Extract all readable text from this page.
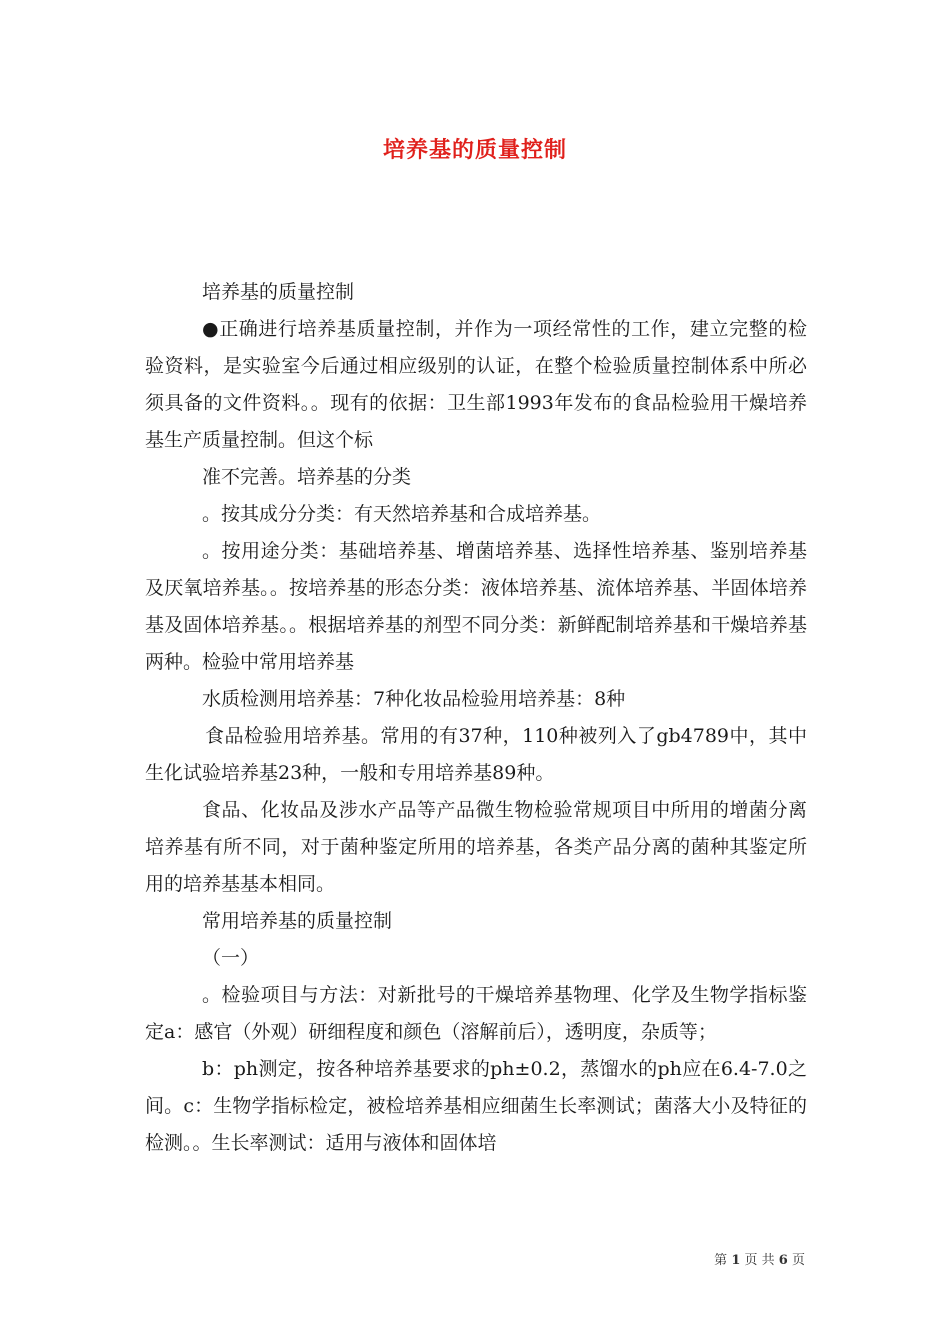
培养基的质量控制

培养基的质量控制

●正确进行培养基质量控制，并作为一项经常性的工作，建立完整的检验资料，是实验室今后通过相应级别的认证，在整个检验质量控制体系中所必须具备的文件资料。。现有的依据：卫生部1993年发布的食品检验用干燥培养基生产质量控制。但这个标

准不完善。培养基的分类

。按其成分分类：有天然培养基和合成培养基。

。按用途分类：基础培养基、增菌培养基、选择性培养基、鉴别培养基及厌氧培养基。。按培养基的形态分类：液体培养基、流体培养基、半固体培养基及固体培养基。。根据培养基的剂型不同分类：新鲜配制培养基和干燥培养基两种。检验中常用培养基

水质检测用培养基：7种化妆品检验用培养基：8种

食品检验用培养基。常用的有37种，110种被列入了gb4789中，其中生化试验培养基23种，一般和专用培养基89种。

食品、化妆品及涉水产品等产品微生物检验常规项目中所用的增菌分离培养基有所不同，对于菌种鉴定所用的培养基，各类产品分离的菌种其鉴定所用的培养基基本相同。

常用培养基的质量控制

（一）

。检验项目与方法：对新批号的干燥培养基物理、化学及生物学指标鉴定a：感官（外观）研细程度和颜色（溶解前后），透明度，杂质等；

b：ph测定，按各种培养基要求的ph±0.2，蒸馏水的ph应在6.4-7.0之间。c：生物学指标检定，被检培养基相应细菌生长率测试；菌落大小及特征的检测。。生长率测试：适用与液体和固体培

第 1 页 共 6 页
